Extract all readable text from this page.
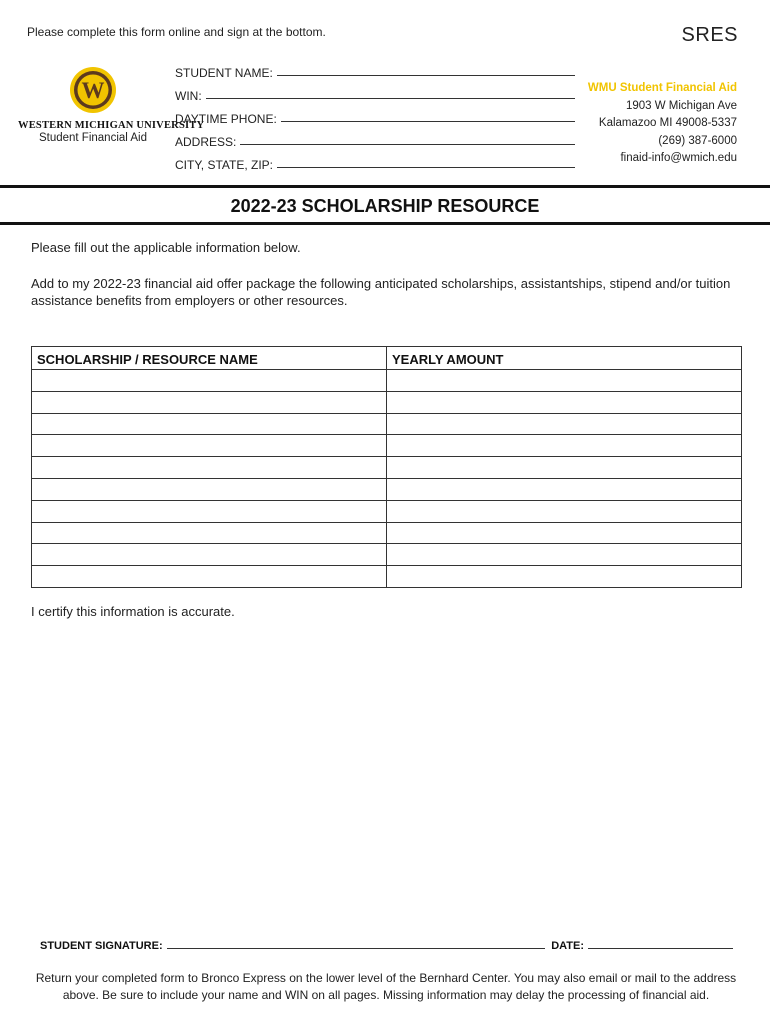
Please complete this form online and sign at the bottom.	SRES
W
WESTERN MICHIGAN UNIVERSITY
Student Financial Aid
STUDENT NAME:
WIN:
DAYTIME PHONE:
ADDRESS:
CITY, STATE, ZIP:
WMU Student Financial Aid
1903 W Michigan Ave
Kalamazoo MI 49008-5337
(269) 387-6000
finaid-info@wmich.edu
2022-23 SCHOLARSHIP RESOURCE
Please fill out the applicable information below.
Add to my 2022-23 financial aid offer package the following anticipated scholarships, assistantships, stipend and/or tuition assistance benefits from employers or other resources.
SCHOLARSHIP / RESOURCE NAME	YEARLY AMOUNT

I certify this information is accurate.
STUDENT SIGNATURE:	DATE:
Return your completed form to Bronco Express on the lower level of the Bernhard Center. You may also email or mail to the address above. Be sure to include your name and WIN on all pages. Missing information may delay the processing of financial aid.
